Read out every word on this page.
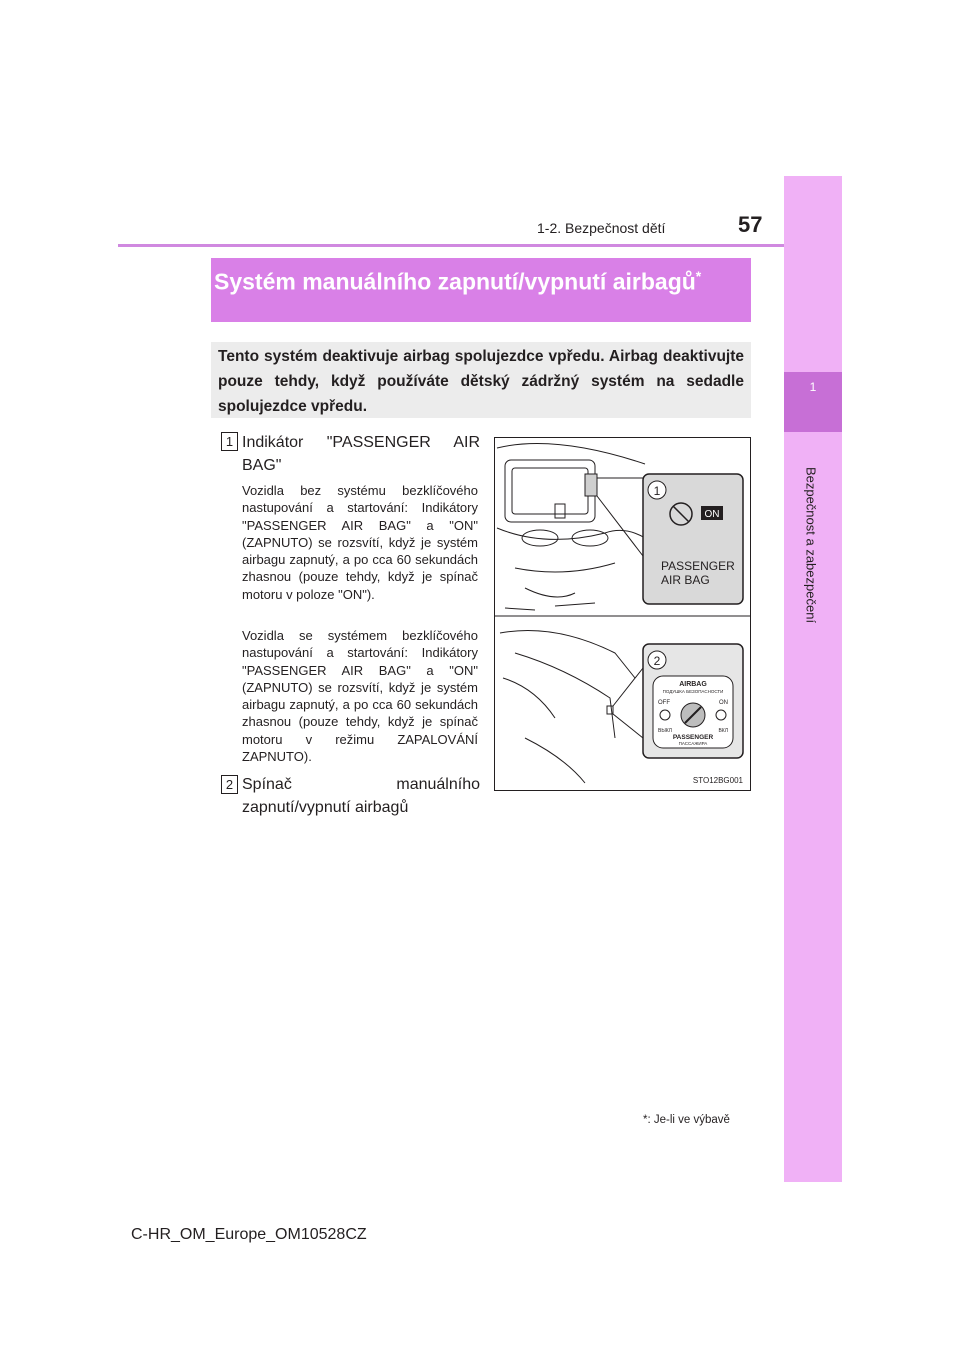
1
Bezpečnost a zabezpečení
1-2. Bezpečnost dětí	57
Systém manuálního zapnutí/vypnutí airbagů*
Tento systém deaktivuje airbag spolujezdce vpředu. Airbag deaktivujte pouze tehdy, když používáte dětský zádržný systém na sedadle spolujezdce vpředu.
1 Indikátor "PASSENGER AIR BAG"
Vozidla bez systému bezklíčového nastupování a startování: Indikátory "PASSENGER AIR BAG" a "ON" (ZAPNUTO) se rozsvítí, když je systém airbagu zapnutý, a po cca 60 sekundách zhasnou (pouze tehdy, když je spínač motoru v poloze "ON").
Vozidla se systémem bezklíčového nastupování a startování: Indikátory "PASSENGER AIR BAG" a "ON" (ZAPNUTO) se rozsvítí, když je systém airbagu zapnutý, a po cca 60 sekundách zhasnou (pouze tehdy, když je spínač motoru v režimu ZAPALOVÁNÍ ZAPNUTO).
2 Spínač manuálního zapnutí/vypnutí airbagů
1
ON
PASSENGER
AIR BAG
2
AIRBAG
ПОДУШКА БЕЗОПАСНОСТИ
OFF	ON
ВЫКЛ	ВКЛ
PASSENGER
ПАССАЖИРА
STO12BG001
*: Je-li ve výbavě
C-HR_OM_Europe_OM10528CZ
